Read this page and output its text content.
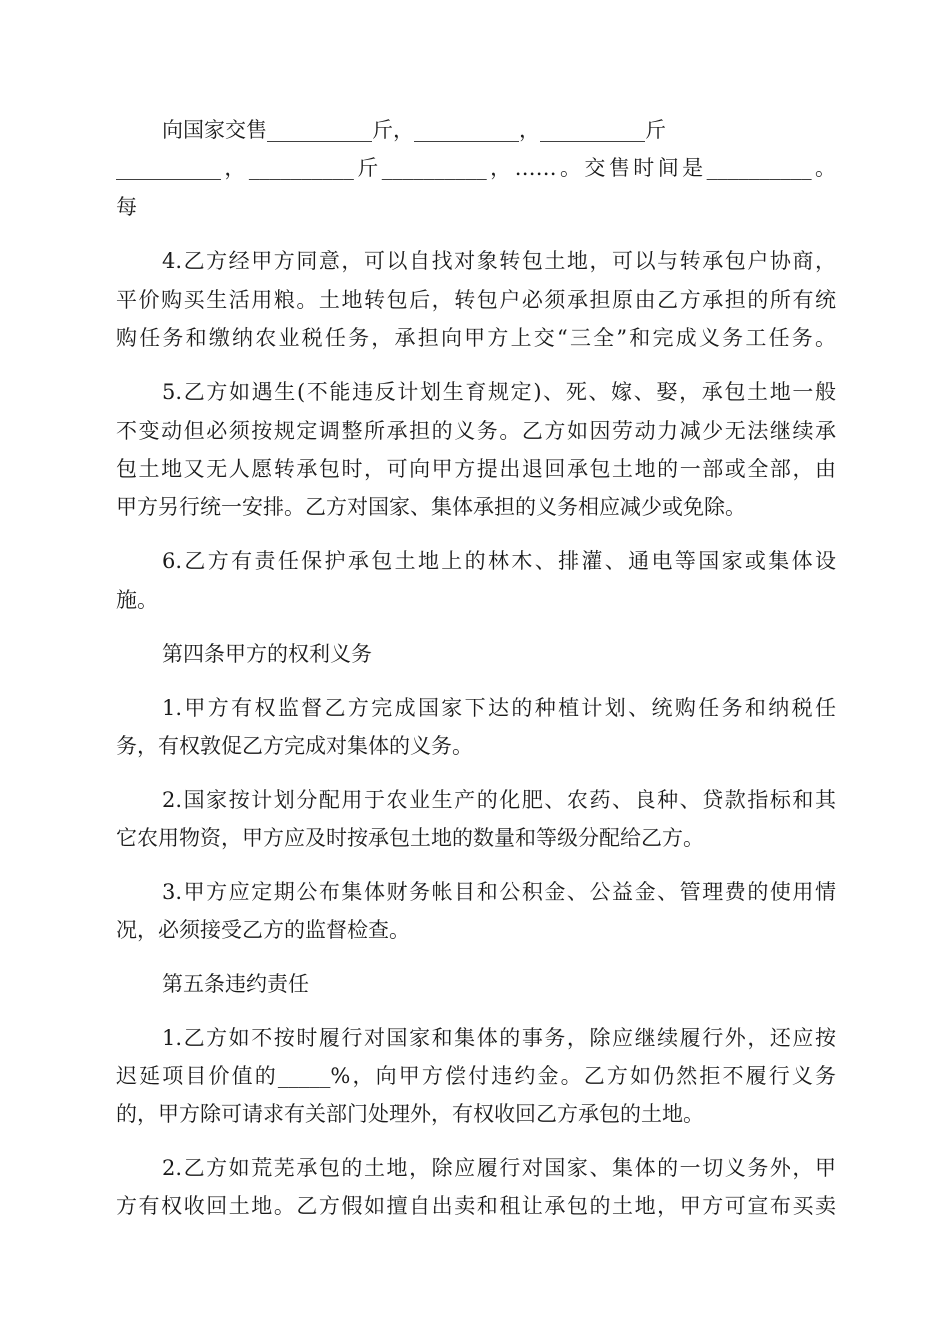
向国家交售__________斤，__________，__________斤
__________，__________斤__________，……。交售时间是__________。
每
4.乙方经甲方同意，可以自找对象转包土地，可以与转承包户协商，
平价购买生活用粮。土地转包后，转包户必须承担原由乙方承担的所有统
购任务和缴纳农业税任务，承担向甲方上交“三全”和完成义务工任务。
5.乙方如遇生(不能违反计划生育规定)、死、嫁、娶，承包土地一般
不变动但必须按规定调整所承担的义务。乙方如因劳动力减少无法继续承
包土地又无人愿转承包时，可向甲方提出退回承包土地的一部或全部，由
甲方另行统一安排。乙方对国家、集体承担的义务相应减少或免除。
6.乙方有责任保护承包土地上的林木、排灌、通电等国家或集体设
施。
第四条甲方的权利义务
1.甲方有权监督乙方完成国家下达的种植计划、统购任务和纳税任
务，有权敦促乙方完成对集体的义务。
2.国家按计划分配用于农业生产的化肥、农药、良种、贷款指标和其
它农用物资，甲方应及时按承包土地的数量和等级分配给乙方。
3.甲方应定期公布集体财务帐目和公积金、公益金、管理费的使用情
况，必须接受乙方的监督检查。
第五条违约责任
1.乙方如不按时履行对国家和集体的事务，除应继续履行外，还应按
迟延项目价值的_____%，向甲方偿付违约金。乙方如仍然拒不履行义务
的，甲方除可请求有关部门处理外，有权收回乙方承包的土地。
2.乙方如荒芜承包的土地，除应履行对国家、集体的一切义务外，甲
方有权收回土地。乙方假如擅自出卖和租让承包的土地，甲方可宣布买卖
